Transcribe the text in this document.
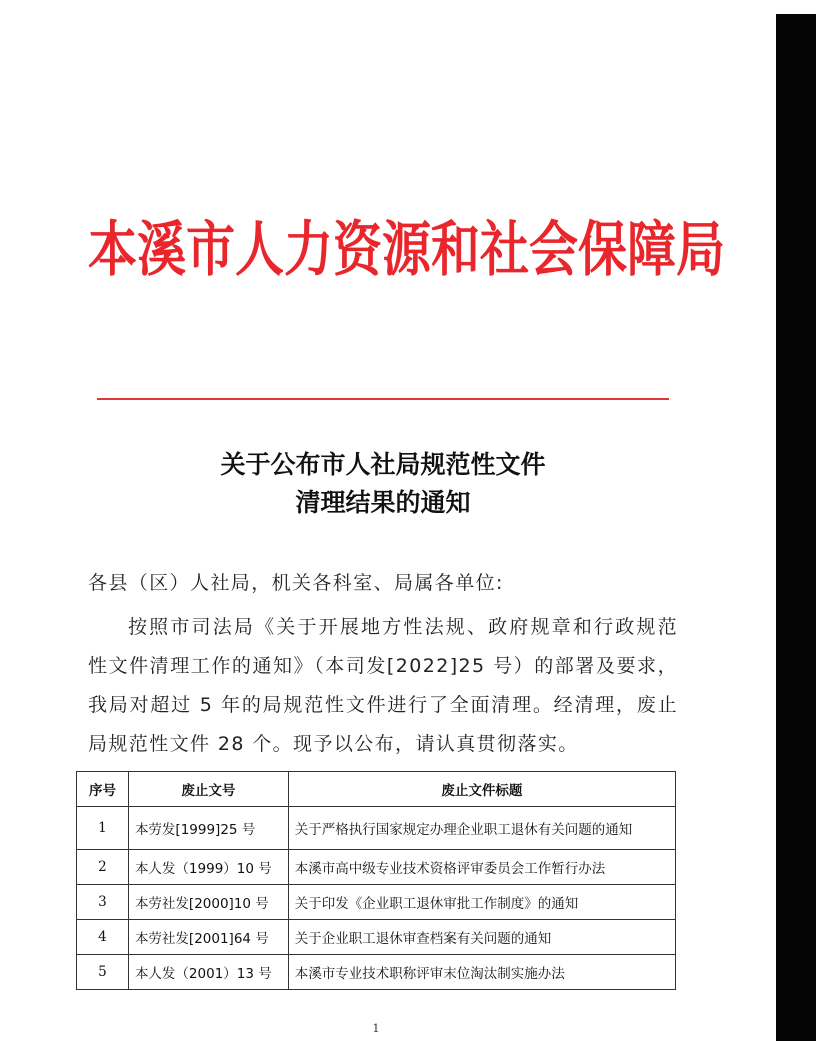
本溪市人力资源和社会保障局
关于公布市人社局规范性文件
清理结果的通知
各县（区）人社局，机关各科室、局属各单位:
按照市司法局《关于开展地方性法规、政府规章和行政规范性文件清理工作的通知》（本司发[2022]25 号）的部署及要求，我局对超过 5 年的局规范性文件进行了全面清理。经清理，废止局规范性文件 28 个。现予以公布，请认真贯彻落实。
序号	废止文号	废止文件标题
1	本劳发[1999]25 号	关于严格执行国家规定办理企业职工退休有关问题的通知
2	本人发（1999）10 号	本溪市高中级专业技术资格评审委员会工作暂行办法
3	本劳社发[2000]10 号	关于印发《企业职工退休审批工作制度》的通知
4	本劳社发[2001]64 号	关于企业职工退休审查档案有关问题的通知
5	本人发（2001）13 号	本溪市专业技术职称评审末位淘汰制实施办法
1
